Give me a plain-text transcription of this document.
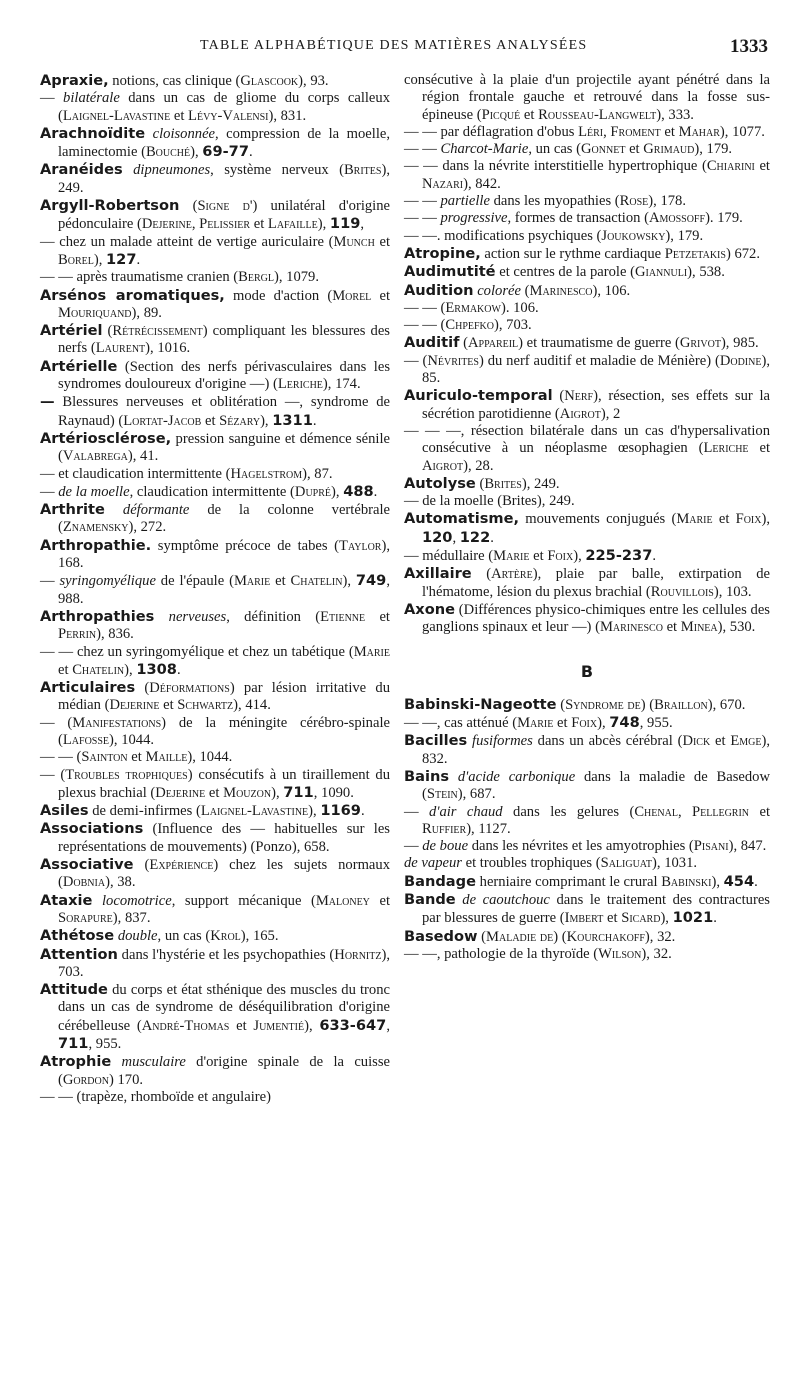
TABLE ALPHABÉTIQUE DES MATIÈRES ANALYSÉES	1333

Apraxie, notions, cas clinique (Glascook), 93.

— bilatérale dans un cas de gliome du corps calleux (Laignel-Lavastine et Lévy-Valensi), 831.

Arachnoïdite cloisonnée, compression de la moelle, laminectomie (Bouché), 69-77.

Aranéides dipneumones, système nerveux (Brites), 249.

Argyll-Robertson (Signe d') unilatéral d'origine pédonculaire (Dejerine, Pelissier et Lafaille), 119,

— chez un malade atteint de vertige auriculaire (Munch et Borel), 127.

— — après traumatisme cranien (Bergl), 1079.

Arsénos aromatiques, mode d'action (Morel et Mouriquand), 89.

Artériel (Rétrécissement) compliquant les blessures des nerfs (Laurent), 1016.

Artérielle (Section des nerfs périvasculaires dans les syndromes douloureux d'origine —) (Leriche), 174.

— Blessures nerveuses et oblitération —, syndrome de Raynaud) (Lortat-Jacob et Sézary), 1311.

Artériosclérose, pression sanguine et démence sénile (Valabrega), 41.

— et claudication intermittente (Hagelstrom), 87.

— de la moelle, claudication intermittente (Dupré), 488.

Arthrite déformante de la colonne vertébrale (Znamensky), 272.

Arthropathie. symptôme précoce de tabes (Taylor), 168.

— syringomyélique de l'épaule (Marie et Chatelin), 749, 988.

Arthropathies nerveuses, définition (Etienne et Perrin), 836.

— — chez un syringomyélique et chez un tabétique (Marie et Chatelin), 1308.

Articulaires (Déformations) par lésion irritative du médian (Dejerine et Schwartz), 414.

— (Manifestations) de la méningite cérébro-spinale (Lafosse), 1044.

— — (Sainton et Maille), 1044.

— (Troubles trophiques) consécutifs à un tiraillement du plexus brachial (Dejerine et Mouzon), 711, 1090.

Asiles de demi-infirmes (Laignel-Lavastine), 1169.

Associations (Influence des — habituelles sur les représentations de mouvements) (Ponzo), 658.

Associative (Expérience) chez les sujets normaux (Dobnia), 38.

Ataxie locomotrice, support mécanique (Maloney et Sorapure), 837.

Athétose double, un cas (Krol), 165.

Attention dans l'hystérie et les psychopathies (Hornitz), 703.

Attitude du corps et état sthénique des muscles du tronc dans un cas de syndrome de déséquilibration d'origine cérébelleuse (André-Thomas et Jumentié), 633-647, 711, 955.

Atrophie musculaire d'origine spinale de la cuisse (Gordon) 170.

— — (trapèze, rhomboïde et angulaire)

consécutive à la plaie d'un projectile ayant pénétré dans la région frontale gauche et retrouvé dans la fosse sus-épineuse (Picqué et Rousseau-Langwelt), 333.

— — par déflagration d'obus Léri, Froment et Mahar), 1077.

— — Charcot-Marie, un cas (Gonnet et Grimaud), 179.

— — dans la névrite interstitielle hypertrophique (Chiarini et Nazari), 842.

— — partielle dans les myopathies (Rose), 178.

— — progressive, formes de transaction (Amossoff). 179.

— —. modifications psychiques (Joukowsky), 179.

Atropine, action sur le rythme cardiaque Petzetakis) 672.

Audimutité et centres de la parole (Giannuli), 538.

Audition colorée (Marinesco), 106.

— — (Ermakow). 106.

— — (Chpefko), 703.

Auditif (Appareil) et traumatisme de guerre (Grivot), 985.

— (Névrites) du nerf auditif et maladie de Ménière) (Dodine), 85.

Auriculo-temporal (Nerf), résection, ses effets sur la sécrétion parotidienne (Aigrot), 2

— — —, résection bilatérale dans un cas d'hypersalivation consécutive à un néoplasme œsophagien (Leriche et Aigrot), 28.

Autolyse (Brites), 249.

— de la moelle (Brites), 249.

Automatisme, mouvements conjugués (Marie et Foix), 120, 122.

— médullaire (Marie et Foix), 225-237.

Axillaire (Artère), plaie par balle, extirpation de l'hématome, lésion du plexus brachial (Rouvillois), 103.

Axone (Différences physico-chimiques entre les cellules des ganglions spinaux et leur —) (Marinesco et Minea), 530.

B

Babinski-Nageotte (Syndrome de) (Braillon), 670.

— —, cas atténué (Marie et Foix), 748, 955.

Bacilles fusiformes dans un abcès cérébral (Dick et Emge), 832.

Bains d'acide carbonique dans la maladie de Basedow (Stein), 687.

— d'air chaud dans les gelures (Chenal, Pellegrin et Ruffier), 1127.

— de boue dans les névrites et les amyotrophies (Pisani), 847.

de vapeur et troubles trophiques (Saliguat), 1031.

Bandage herniaire comprimant le crural Babinski), 454.

Bande de caoutchouc dans le traitement des contractures par blessures de guerre (Imbert et Sicard), 1021.

Basedow (Maladie de) (Kourchakoff), 32.

— —, pathologie de la thyroïde (Wilson), 32.
